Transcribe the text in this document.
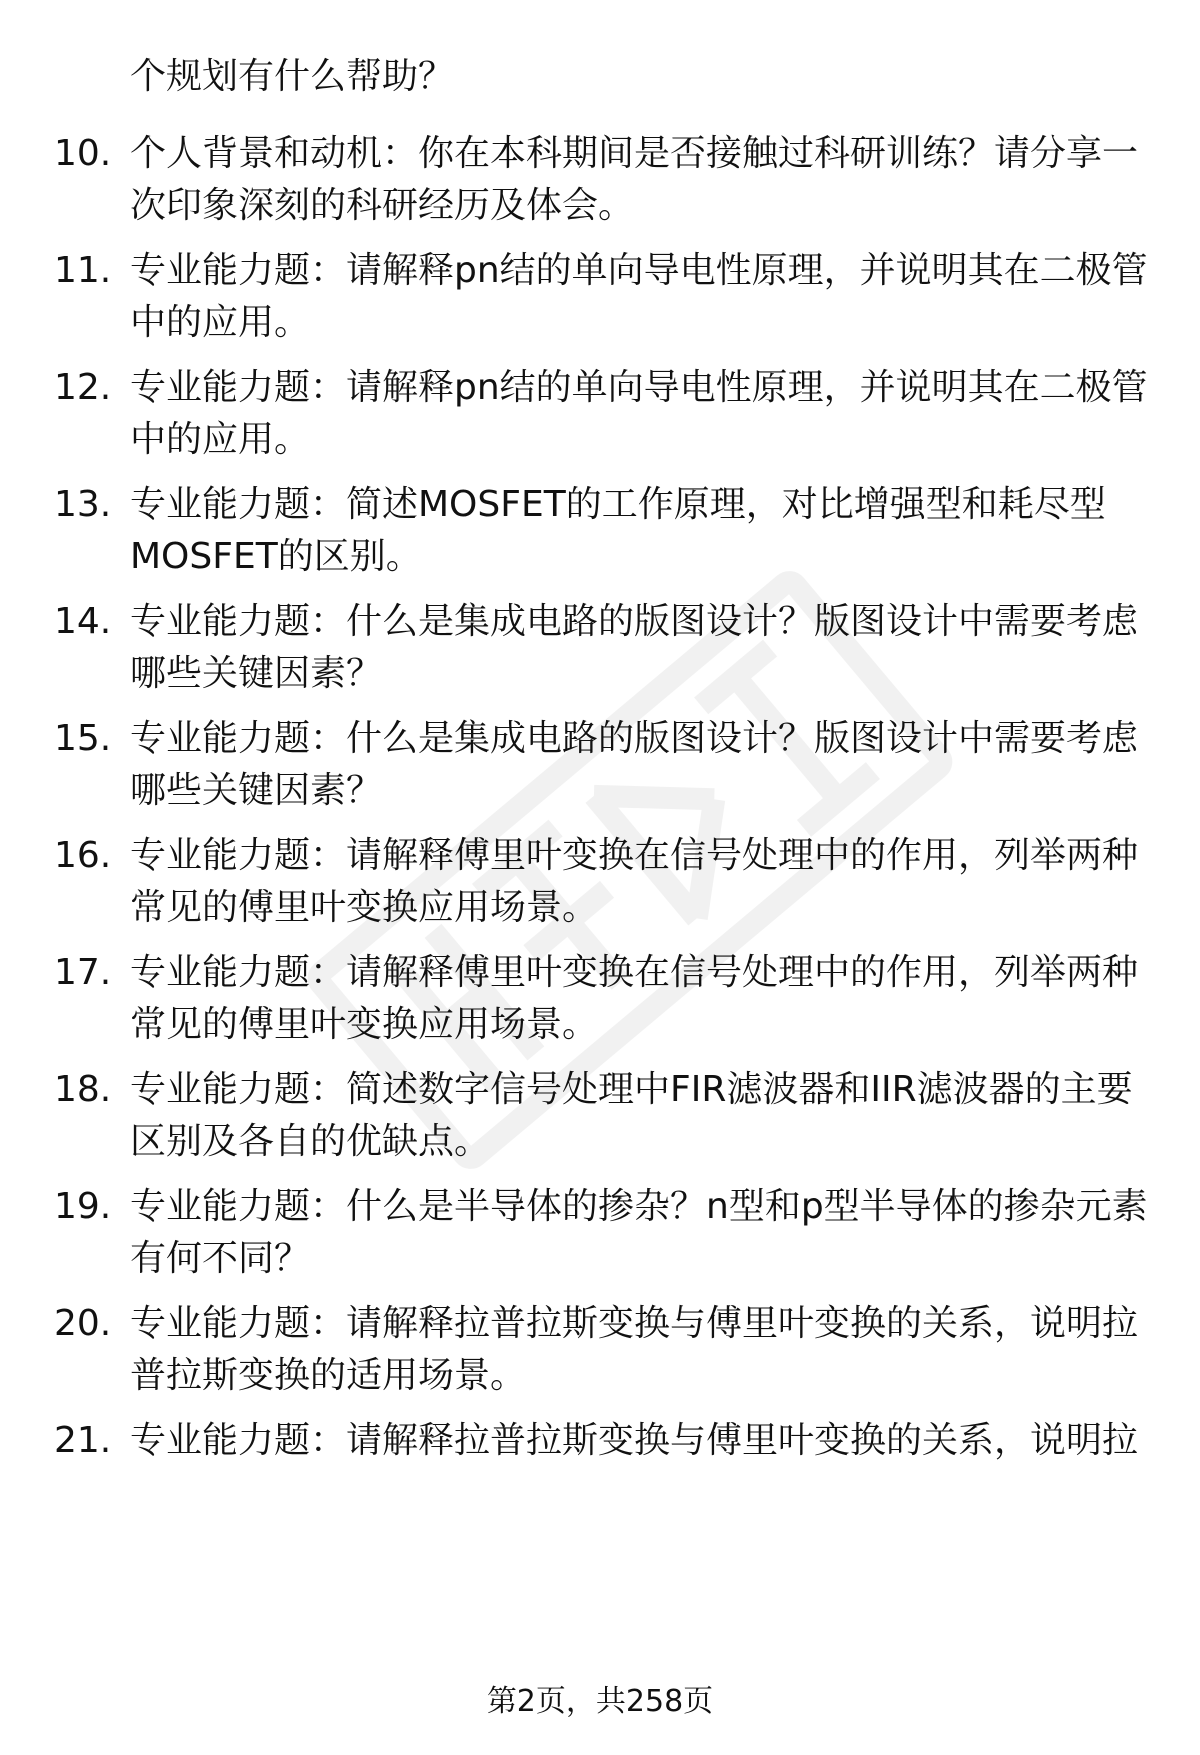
个规划有什么帮助？
10. 个人背景和动机：你在本科期间是否接触过科研训练？请分享一
次印象深刻的科研经历及体会。
11. 专业能力题：请解释pn结的单向导电性原理，并说明其在二极管
中的应用。
12. 专业能力题：请解释pn结的单向导电性原理，并说明其在二极管
中的应用。
13. 专业能力题：简述MOSFET的工作原理，对比增强型和耗尽型
MOSFET的区别。
14. 专业能力题：什么是集成电路的版图设计？版图设计中需要考虑
哪些关键因素？
15. 专业能力题：什么是集成电路的版图设计？版图设计中需要考虑
哪些关键因素？
16. 专业能力题：请解释傅里叶变换在信号处理中的作用，列举两种
常见的傅里叶变换应用场景。
17. 专业能力题：请解释傅里叶变换在信号处理中的作用，列举两种
常见的傅里叶变换应用场景。
18. 专业能力题：简述数字信号处理中FIR滤波器和IIR滤波器的主要
区别及各自的优缺点。
19. 专业能力题：什么是半导体的掺杂？n型和p型半导体的掺杂元素
有何不同？
20. 专业能力题：请解释拉普拉斯变换与傅里叶变换的关系，说明拉
普拉斯变换的适用场景。
21. 专业能力题：请解释拉普拉斯变换与傅里叶变换的关系，说明拉
第2页，共258页
